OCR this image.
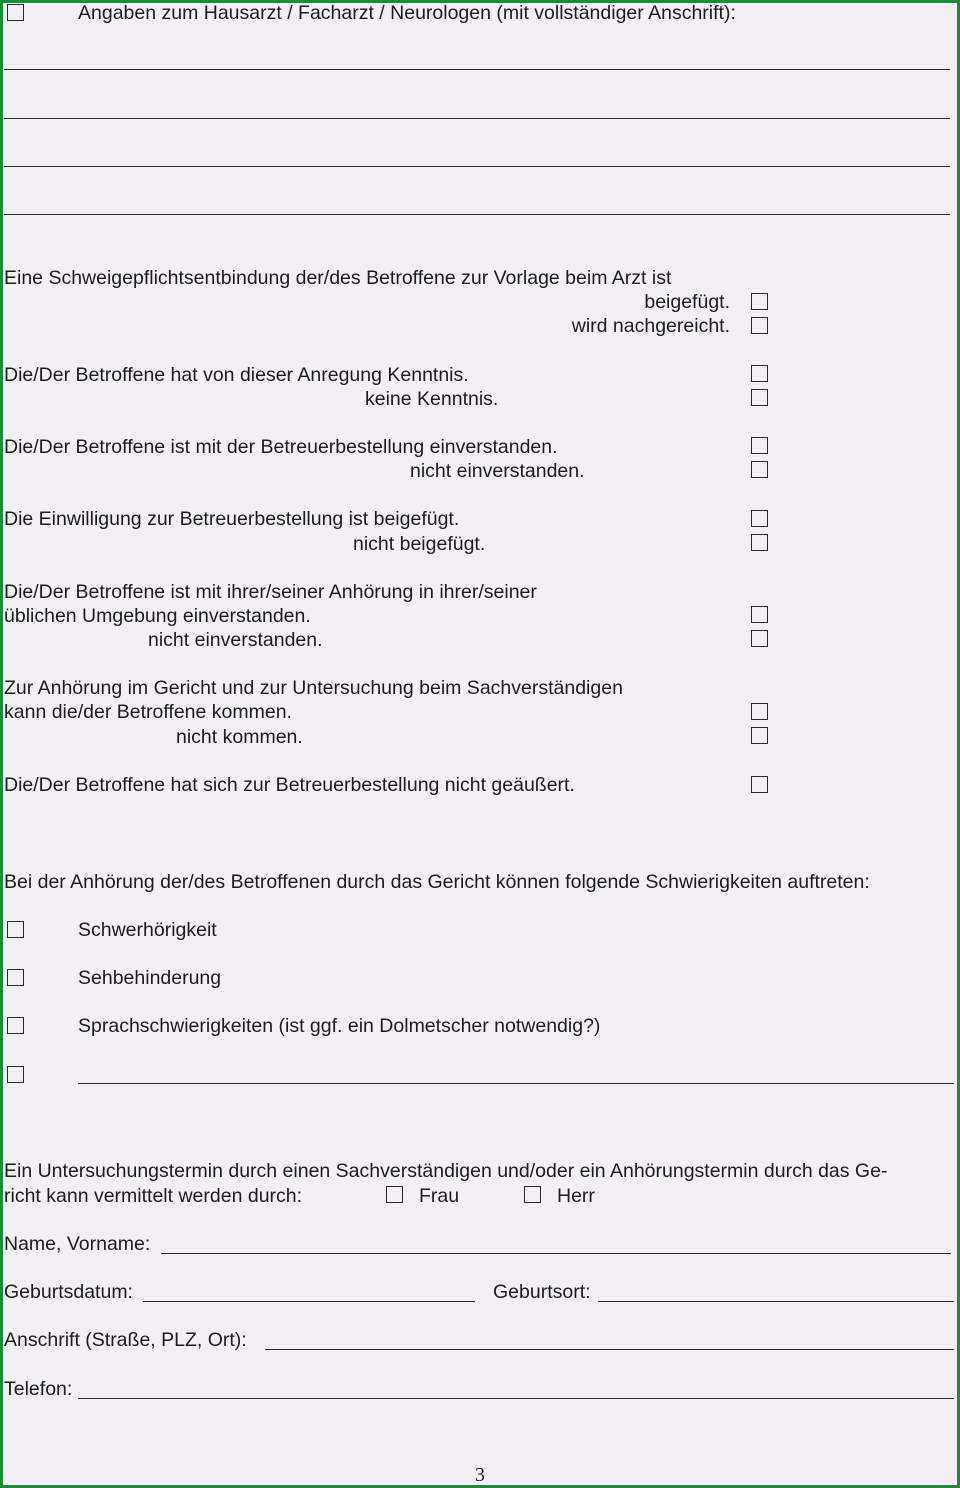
Angaben zum Hausarzt / Facharzt / Neurologen (mit vollständiger Anschrift):
Eine Schweigepflichtsentbindung der/des Betroffene zur Vorlage beim Arzt ist
beigefügt.
wird nachgereicht.
Die/Der Betroffene hat von dieser Anregung Kenntnis.
keine Kenntnis.
Die/Der Betroffene ist mit der Betreuerbestellung einverstanden.
nicht einverstanden.
Die Einwilligung zur Betreuerbestellung ist beigefügt.
nicht beigefügt.
Die/Der Betroffene ist mit ihrer/seiner Anhörung in ihrer/seiner
üblichen Umgebung einverstanden.
nicht einverstanden.
Zur Anhörung im Gericht und zur Untersuchung beim Sachverständigen
kann die/der Betroffene kommen.
nicht kommen.
Die/Der Betroffene hat sich zur Betreuerbestellung nicht geäußert.
Bei der Anhörung der/des Betroffenen durch das Gericht können folgende Schwierigkeiten auftreten:
Schwerhörigkeit
Sehbehinderung
Sprachschwierigkeiten (ist ggf. ein Dolmetscher notwendig?)
Ein Untersuchungstermin durch einen Sachverständigen und/oder ein Anhörungstermin durch das Ge-
richt kann vermittelt werden durch:	Frau	Herr
Name, Vorname:
Geburtsdatum:	Geburtsort:
Anschrift (Straße, PLZ, Ort):
Telefon:
3
